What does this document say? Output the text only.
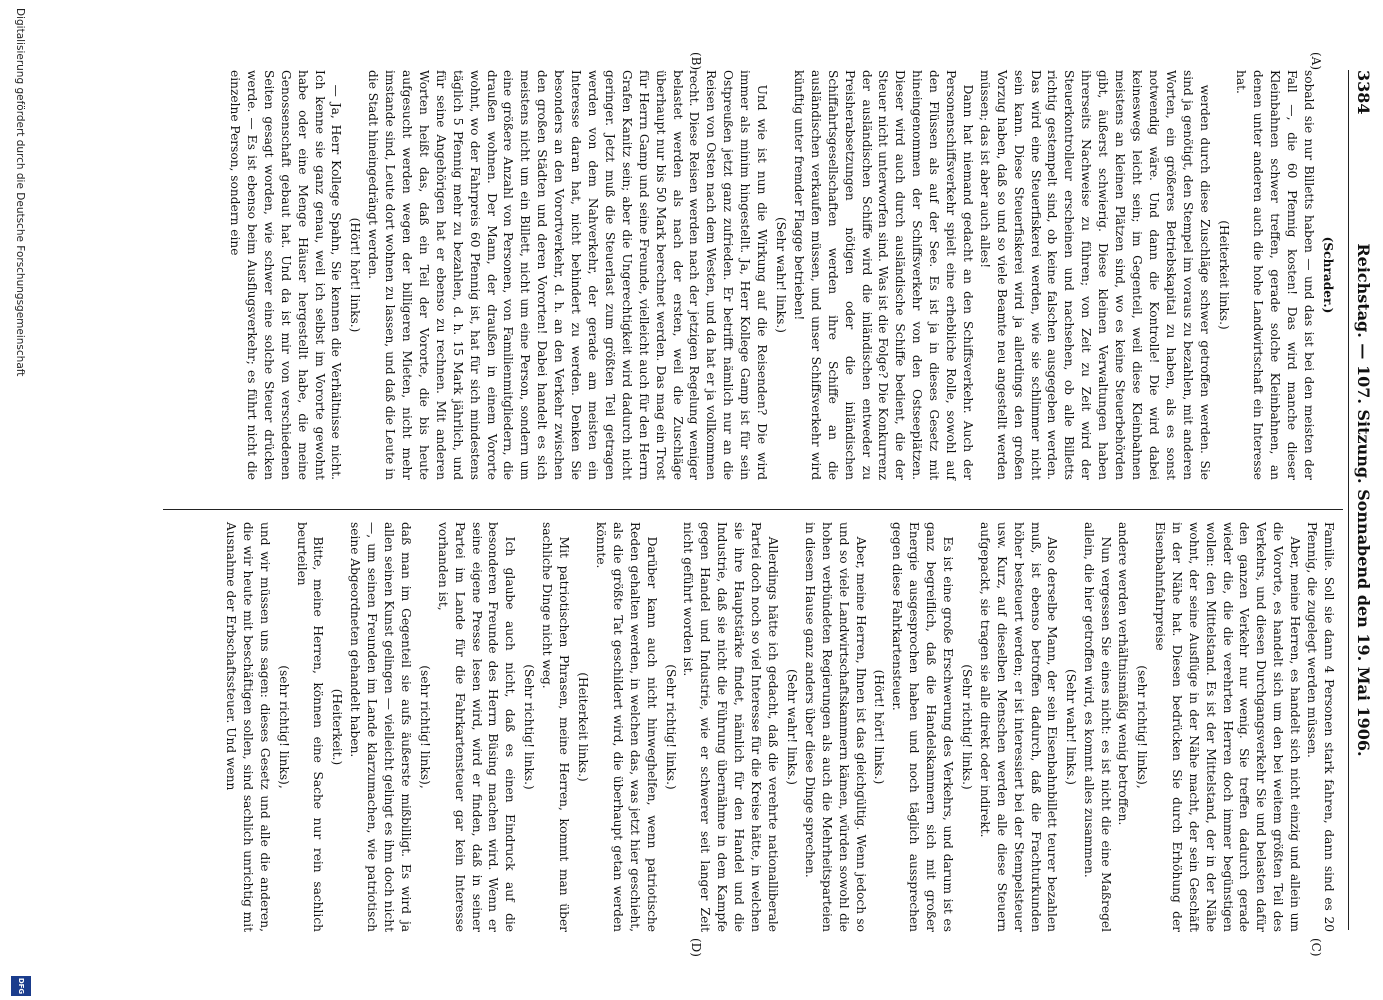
3384
Reichstag. — 107. Sitzung. Sonnabend den 19. Mai 1906.
(A)
(B)
(C)
(D)
(Schrader.)

sobald sie nur Billetts haben — und das ist bei den meisten der Fall —, die 60 Pfennig kosten! Das wird manche dieser Kleinbahnen schwer treffen, gerade solche Kleinbahnen, an denen unter anderen auch die hohe Landwirtschaft ein Interesse hat.

(Heiterkeit links.)

werden durch diese Zuschläge schwer getroffen werden. Sie sind ja genötigt, den Stempel im voraus zu bezahlen, mit anderen Worten, ein größeres Betriebskapital zu haben, als es sonst notwendig wäre. Und dann die Kontrolle! Die wird dabei keineswegs leicht sein; im Gegenteil, weil diese Kleinbahnen meistens an kleinen Plätzen sind, wo es keine Steuerbehörden gibt, äußerst schwierig. Diese kleinen Verwaltungen haben ihrerseits Nachweise zu führen; von Zeit zu Zeit wird der Steuerkontrolleur erscheinen und nachsehen, ob alle Billetts richtig gestempelt sind, ob keine falschen ausgegeben werden. Das wird eine Steuerfiskerei werden, wie sie schlimmer nicht sein kann. Diese Steuerfiskerei wird ja allerdings den großen Vorzug haben, daß so und so viele Beamte neu angestellt werden müssen; das ist aber auch alles!

Dann hat niemand gedacht an den Schiffsverkehr. Auch der Personenschiffsverkehr spielt eine erhebliche Rolle, sowohl auf den Flüssen als auf der See. Es ist ja in dieses Gesetz mit hineingenommen der Schiffsverkehr von den Ostseeplätzen. Dieser wird auch durch ausländische Schiffe bedient, die der Steuer nicht unterworfen sind. Was ist die Folge? Die Konkurrenz der ausländischen Schiffe wird die inländischen entweder zu Preisherabsetzungen nötigen oder die inländischen Schiffahrtsgesellschaften werden ihre Schiffe an die ausländischen verkaufen müssen, und unser Schiffsverkehr wird künftig unter fremder Flagge betrieben!

(Sehr wahr! links.)

Und wie ist nun die Wirkung auf die Reisenden? Die wird immer als minim hingestellt. Ja, Herr Kollege Gamp ist für sein Ostpreußen jetzt ganz zufrieden. Er betrifft nämlich nur an die Reisen von Osten nach dem Westen, und da hat er ja vollkommen recht. Diese Reisen werden nach der jetzigen Regelung weniger belastet werden als nach der ersten, weil die Zuschläge überhaupt nur bis 50 Mark berechnet werden. Das mag ein Trost für Herrn Gamp und seine Freunde, vielleicht auch für den Herrn Grafen Kanitz sein; aber die Ungerechtigkeit wird dadurch nicht geringer. Jetzt muß die Steuerlast zum größten Teil getragen werden von dem Nahverkehr, der gerade am meisten ein Interesse daran hat, nicht behindert zu werden. Denken Sie besonders an den Vorortverkehr, d. h. an den Verkehr zwischen den großen Städten und deren Vororten! Dabei handelt es sich meistens nicht um ein Billett, nicht um eine Person, sondern um eine größere Anzahl von Personen, von Familienmitgliedern, die draußen wohnen. Der Mann, der draußen in einem Vororte wohnt, wo der Fahrpreis 60 Pfennig ist, hat für sich mindestens täglich 5 Pfennig mehr zu bezahlen, d. h. 15 Mark jährlich, und für seine Angehörigen hat er ebenso zu rechnen. Mit anderen Worten heißt das, daß ein Teil der Vororte, die bis heute aufgesucht werden wegen der billigeren Mieten, nicht mehr imstande sind, Leute dort wohnen zu lassen, und daß die Leute in die Stadt hineingedrängt werden.

(Hört! hört! links.)

— Ja, Herr Kollege Spahn, Sie kennen die Verhältnisse nicht. Ich kenne sie ganz genau, weil ich selbst im Vororte gewohnt habe oder eine Menge Häuser hergestellt habe, die meine Genossenschaft gebaut hat. Und da ist mir von verschiedenen Seiten gesagt worden, wie schwer eine solche Steuer drücken werde. — Es ist ebenso beim Ausflugsverkehr; es führt nicht die einzelne Person, sondern eine

Familie. Soll sie dann 4 Personen stark fahren, dann sind es 20 Pfennig, die zugelegt werden müssen.

Aber, meine Herren, es handelt sich nicht einzig und allein um die Vororte, es handelt sich um den bei weitem größten Teil des Verkehrs, und diesen Durchgangsverkehr Sie und belasten dafür den ganzen Verkehr nur wenig. Sie treffen dadurch gerade wieder die, die die verehrten Herren doch immer begünstigen wollen: den Mittelstand. Es ist der Mittelstand, der in der Nähe wohnt, der seine Ausflüge in der Nähe macht, der sein Geschäft in der Nähe hat. Diesen bedrücken Sie durch Erhöhung der Eisenbahnfahrpreise

(sehr richtig! links),

andere werden verhältnismäßig wenig betroffen.

Nun vergessen Sie eines nicht: es ist nicht die eine Maßregel allein, die hier getroffen wird, es kommt alles zusammen.

(Sehr wahr! links.)

Also derselbe Mann, der sein Eisenbahnbillett teurer bezahlen muß, ist ebenso betroffen dadurch, daß die Frachturkunden höher besteuert werden; er ist interessiert bei der Stempelsteuer usw. Kurz, auf dieselben Menschen werden alle diese Steuern aufgepackt, sie tragen sie alle direkt oder indirekt.

(Sehr richtig! links.)

Es ist eine große Erschwerung des Verkehrs, und darum ist es ganz begreiflich, daß die Handelskammern sich mit großer Energie ausgesprochen haben und noch täglich aussprechen gegen diese Fahrkartensteuer.

(Hört! hört! links.)

Aber, meine Herren, Ihnen ist das gleichgültig. Wenn jedoch so und so viele Landwirtschaftskammern kämen, würden sowohl die hohen verbündeten Regierungen als auch die Mehrheitsparteien in diesem Hause ganz anders über diese Dinge sprechen.

(Sehr wahr! links.)

Allerdings hätte ich gedacht, daß die verehrte nationalliberale Partei doch noch so viel Interesse für die Kreise hätte, in welchen sie ihre Hauptstärke findet, nämlich für den Handel und die Industrie, daß sie nicht die Führung übernähme in dem Kampfe gegen Handel und Industrie, wie er schwerer seit langer Zeit nicht geführt worden ist.

(Sehr richtig! links.)

Darüber kann auch nicht hinweghelfen, wenn patriotische Reden gehalten werden, in welchen das, was jetzt hier geschieht, als die größte Tat geschildert wird, die überhaupt getan werden könnte.

(Heiterkeit links.)

Mit patriotischen Phrasen, meine Herren, kommt man über sachliche Dinge nicht weg.

(Sehr richtig! links.)

Ich glaube auch nicht, daß es einen Eindruck auf die besonderen Freunde des Herrn Büsing machen wird. Wenn er seine eigene Presse lesen wird, wird er finden, daß in seiner Partei im Lande für die Fahrkartensteuer gar kein Interesse vorhanden ist,

(sehr richtig! links),

daß man im Gegenteil sie aufs äußerste mißbilligt. Es wird ja allen seinen Kunst gelingen — vielleicht gelingt es ihm doch nicht —, um seinen Freunden im Lande klarzumachen, wie patriotisch seine Abgeordneten gehandelt haben.

(Heiterkeit.)

Bitte, meine Herren, können eine Sache nur rein sachlich beurteilen

(sehr richtig! links),

und wir müssen uns sagen: dieses Gesetz und alle die anderen, die wir heute mit beschäftigen sollen, sind sachlich unrichtig mit Ausnahme der Erbschaftssteuer. Und wenn

Digitalisierung gefördert durch die Deutsche Forschungsgemeinschaft
DFG
